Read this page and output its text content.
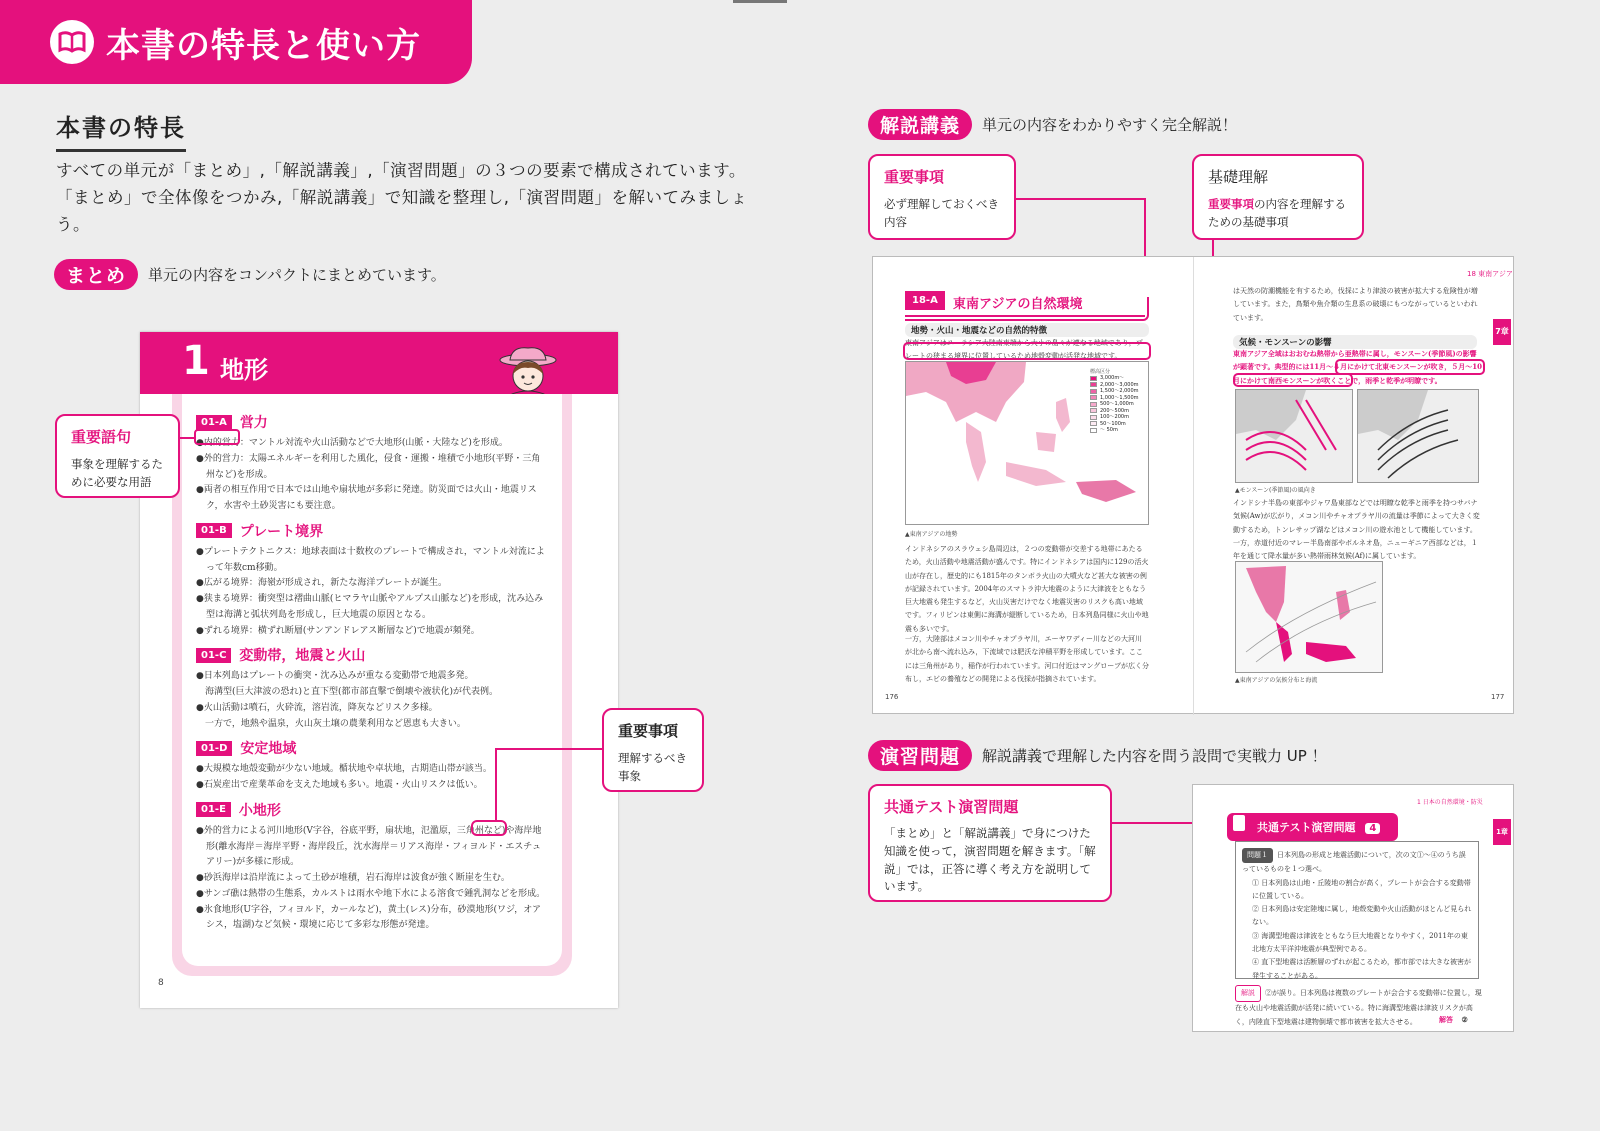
本書の特長と使い方
本書の特長
すべての単元が「まとめ」,「解説講義」,「演習問題」の３つの要素で構成されています。
「まとめ」で全体像をつかみ,「解説講義」で知識を整理し,「演習問題」を解いてみましょ
う。
まとめ	単元の内容をコンパクトにまとめています。
1 地形
01-A 営力
●内的営力：マントル対流や火山活動などで大地形(山脈・大陸など)を形成。
●外的営力：太陽エネルギーを利用した風化，侵食・運搬・堆積で小地形(平野・三角州など)を形成。
●両者の相互作用で日本では山地や扇状地が多彩に発達。防災面では火山・地震リスク，水害や土砂災害にも要注意。
01-B プレート境界
●プレートテクトニクス：地球表面は十数枚のプレートで構成され，マントル対流によって年数cm移動。
●広がる境界：海嶺が形成され，新たな海洋プレートが誕生。
●狭まる境界：衝突型は褶曲山脈(ヒマラヤ山脈やアルプス山脈など)を形成，沈み込み型は海溝と弧状列島を形成し，巨大地震の原因となる。
●ずれる境界：横ずれ断層(サンアンドレアス断層など)で地震が頻発。
01-C 変動帯，地震と火山
●日本列島はプレートの衝突・沈み込みが重なる変動帯で地震多発。
　海溝型(巨大津波の恐れ)と直下型(都市部直撃で倒壊や液状化)が代表例。
●火山活動は噴石，火砕流，溶岩流，降灰などリスク多様。
　一方で，地熱や温泉，火山灰土壌の農業利用など恩恵も大きい。
01-D 安定地域
●大規模な地殻変動が少ない地域。楯状地や卓状地，古期造山帯が該当。
●石炭産出で産業革命を支えた地域も多い。地震・火山リスクは低い。
01-E 小地形
●外的営力による河川地形(V字谷，谷底平野，扇状地，氾濫原，三角州など)や海岸地形(離水海岸＝海岸平野・海岸段丘，沈水海岸＝リアス海岸・フィヨルド・エスチュアリー)が多様に形成。
●砂浜海岸は沿岸流によって土砂が堆積，岩石海岸は波食が強く断崖を生む。
●サンゴ礁は熱帯の生態系，カルストは雨水や地下水による溶食で鍾乳洞などを形成。
●氷食地形(U字谷，フィヨルド，カールなど)，黄土(レス)分布，砂漠地形(ワジ，オアシス，塩湖)など気候・環境に応じて多彩な形態が発達。
8
重要語句
事象を理解するために必要な用語
重要事項
理解するべき事象
解説講義	単元の内容をわかりやすく完全解説！
重要事項
必ず理解しておくべき内容
基礎理解
重要事項の内容を理解するための基礎事項
18-A	東南アジアの自然環境
地勢・火山・地震などの自然的特徴
東南アジアはユーラシア大陸南東端から大小の島々が連なる地域であり，プレートの狭まる境界に位置しているため地殻変動が活発な地域です。
標高区分
3,000m〜
2,000〜3,000m
1,500〜2,000m
1,000〜1,500m
500〜1,000m
200〜500m
100〜200m
50〜100m
〜 50m
▲東南アジアの地勢
インドネシアのスラウェシ島周辺は，２つの変動帯が交差する地帯にあたるため，火山活動や地震活動が盛んです。特にインドネシアは国内に129の活火山が存在し，歴史的にも1815年のタンボラ火山の大噴火など甚大な被害の例が記録されています。2004年のスマトラ沖大地震のように大津波をともなう巨大地震も発生するなど，火山災害だけでなく地震災害のリスクも高い地域です。フィリピンは東側に海溝が縦断しているため，日本列島同様に火山や地震も多いです。
一方，大陸部はメコン川やチャオプラヤ川，エーヤワディー川などの大河川が北から南へ流れ込み，下流域では肥沃な沖積平野を形成しています。ここには三角州があり，稲作が行われています。河口付近はマングローブが広く分布し，エビの養殖などの開発による伐採が指摘されています。
176
18 東南アジア
7章
は天然の防潮機能を有するため，伐採により津波の被害が拡大する危険性が増しています。また，鳥類や魚介類の生息系の破壊にもつながっているといわれています。
気候・モンスーンの影響
東南アジア全域はおおむね熱帯から亜熱帯に属し，モンスーン(季節風)の影響が顕著です。典型的には11月〜４月にかけて北東モンスーンが吹き，５月〜10月にかけて南西モンスーンが吹くことで，雨季と乾季が明瞭です。
▲モンスーン(季節風)の風向き
インドシナ半島の東部やジャワ島東部などでは明瞭な乾季と雨季を持つサバナ気候(Aw)が広がり，メコン川やチャオプラヤ川の流量は季節によって大きく変動するため，トンレサップ湖などはメコン川の遊水池として機能しています。一方，赤道付近のマレー半島南部やボルネオ島，ニューギニア西部などは，１年を通じて降水量が多い熱帯雨林気候(Af)に属しています。
▲東南アジアの気候分布と海流
177
演習問題	解説講義で理解した内容を問う設問で実戦力 UP ！
共通テスト演習問題
「まとめ」と「解説講義」で身につけた知識を使って，演習問題を解きます。「解説」では，正答に導く考え方を説明しています。
1 日本の自然環境・防災
1章
共通テスト演習問題 4
問題１ 日本列島の形成と地震活動について，次の文①〜④のうち誤っているものを１つ選べ。
① 日本列島は山地・丘陵地の割合が高く，プレートが会合する変動帯に位置している。
② 日本列島は安定陸塊に属し，地殻変動や火山活動がほとんど見られない。
③ 海溝型地震は津波をともなう巨大地震となりやすく，2011年の東北地方太平洋沖地震が典型例である。
④ 直下型地震は活断層のずれが起こるため，都市部では大きな被害が発生することがある。
解説 ②が誤り。日本列島は複数のプレートが会合する変動帯に位置し，現在も火山や地震活動が活発に続いている。特に海溝型地震は津波リスクが高く，内陸直下型地震は建物倒壊で都市被害を拡大させる。	解答 ②
